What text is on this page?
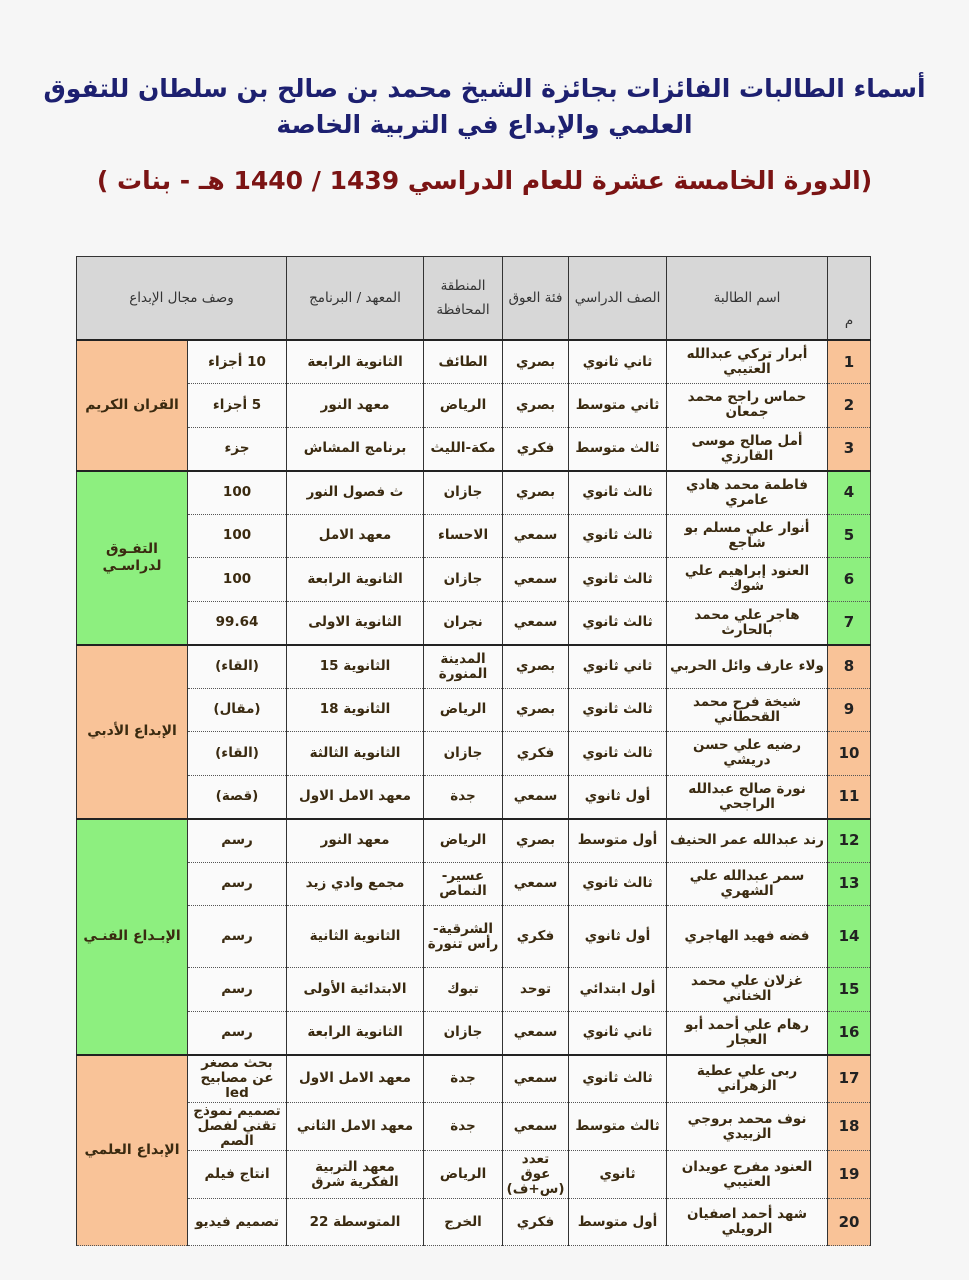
أسماء الطالبات الفائزات بجائزة الشيخ محمد بن صالح بن سلطان للتفوق
العلمي والإبداع في التربية الخاصة
(الدورة الخامسة عشرة للعام الدراسي 1439 / 1440 هـ - بنات )
م	اسم الطالبة	الصف الدراسي	فئة العوق	المنطقة المحافظة	المعهد / البرنامج	وصف مجال الإبداع	
1	أبرار تركي عبدالله العتيبي	ثاني ثانوي	بصري	الطائف	الثانوية الرابعة	10 أجزاء	القران الكريم
2	حماس راجح محمد جمعان	ثاني متوسط	بصري	الرياض	معهد النور	5 أجزاء	
3	أمل صالح موسى القارزي	ثالث متوسط	فكري	مكة-الليث	برنامج المشاش	جزء	
4	فاطمة محمد هادي عامري	ثالث ثانوي	بصري	جازان	ث فصول النور	100	التفـوق لدراسـي
5	أنوار علي مسلم بو شاجع	ثالث ثانوي	سمعي	الاحساء	معهد الامل	100	
6	العنود إبراهيم علي شوك	ثالث ثانوي	سمعي	جازان	الثانوية الرابعة	100	
7	هاجر علي محمد بالحارث	ثالث ثانوي	سمعي	نجران	الثانوية الاولى	99.64	
8	ولاء عارف وائل الحربي	ثاني ثانوي	بصري	المدينة المنورة	الثانوية 15	(القاء)	الإبداع الأدبي
9	شيخة فرح محمد القحطاني	ثالث ثانوي	بصري	الرياض	الثانوية 18	(مقال)	
10	رضيه علي حسن دريشي	ثالث ثانوي	فكري	جازان	الثانوية الثالثة	(القاء)	
11	نورة صالح عبدالله الراجحي	أول ثانوي	سمعي	جدة	معهد الامل الاول	(قصة)	
12	رند عبدالله عمر الحنيف	أول متوسط	بصري	الرياض	معهد النور	رسم	الإبـداع الفنـي
13	سمر عبدالله علي الشهري	ثالث ثانوي	سمعي	عسير- النماص	مجمع وادي زيد	رسم	
14	فضه فهيد الهاجري	أول ثانوي	فكري	الشرقية- رأس تنورة	الثانوية الثانية	رسم	
15	غزلان علي محمد الخناني	أول ابتدائي	توحد	تبوك	الابتدائية الأولى	رسم	
16	رهام علي أحمد أبو العجار	ثاني ثانوي	سمعي	جازان	الثانوية الرابعة	رسم	
17	ربى علي عطية الزهراني	ثالث ثانوي	سمعي	جدة	معهد الامل الاول	بحث مصغر عن مصابيح led	الإبداع العلمي
18	نوف محمد بروجي الزبيدي	ثالث متوسط	سمعي	جدة	معهد الامل الثاني	تصميم نموذج تقني لفصل الصم	
19	العنود مفرح عويدان العتيبي	ثانوي	تعدد عوق (س+ف)	الرياض	معهد التربية الفكرية شرق	انتاج فيلم	
20	شهد أحمد اصفيان الرويلي	أول متوسط	فكري	الخرج	المتوسطة 22	تصميم فيديو	
